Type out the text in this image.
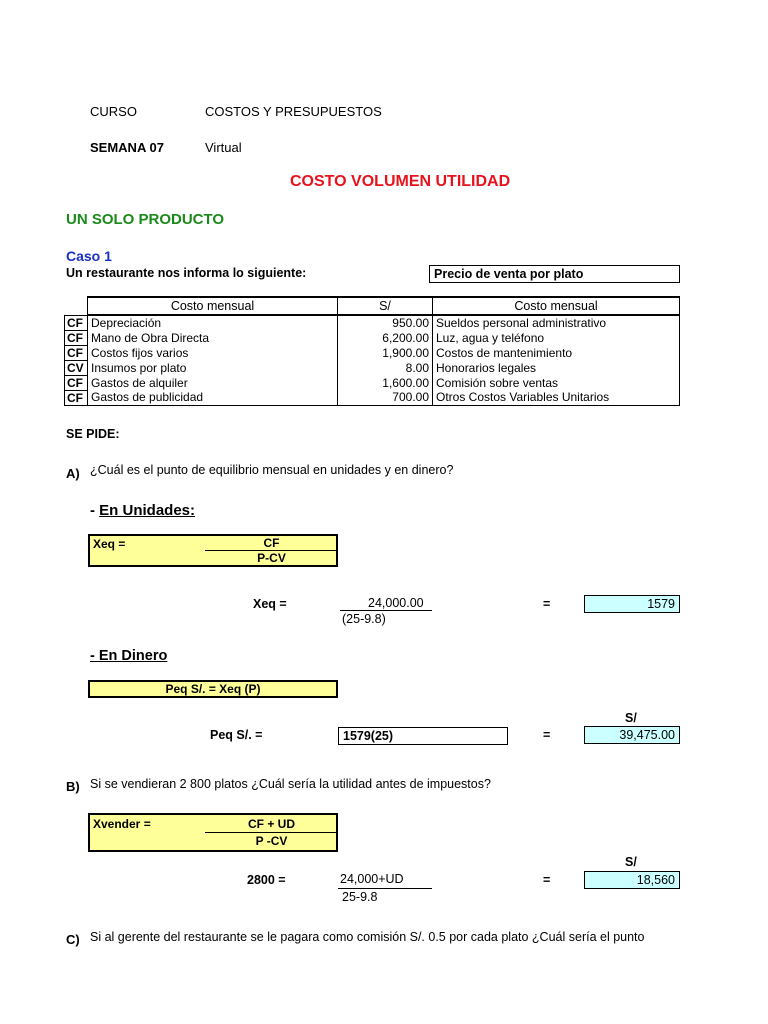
CURSO	COSTOS Y PRESUPUESTOS
SEMANA 07	Virtual
COSTO VOLUMEN UTILIDAD
UN SOLO PRODUCTO
Caso 1
Un restaurante nos informa lo siguiente:	Precio de venta por plato
	Costo mensual	S/	Costo mensual
CF	Depreciación	950.00	Sueldos personal administrativo
CF	Mano de Obra Directa	6,200.00	Luz, agua y teléfono
CF	Costos fijos varios	1,900.00	Costos de mantenimiento
CV	Insumos por plato	8.00	Honorarios legales
CF	Gastos de alquiler	1,600.00	Comisión sobre ventas
CF	Gastos de publicidad	700.00	Otros Costos Variables Unitarios
SE PIDE:
A) ¿Cuál es el punto de equilibrio mensual en unidades y en dinero?
- En Unidades:
Xeq =	CF
P-CV
Xeq =	24,000.00
(25-9.8)
=	1579
- En Dinero
Peq S/. = Xeq (P)
S/
Peq S/. =	1579(25)	=	39,475.00
B) Si se vendieran 2 800 platos ¿Cuál sería la utilidad antes de impuestos?
Xvender =	CF + UD
P -CV
S/
2800 =	24,000+UD
25-9.8
=	18,560
C) Si al gerente del restaurante se le pagara como comisión S/. 0.5 por cada plato ¿Cuál sería el punto
